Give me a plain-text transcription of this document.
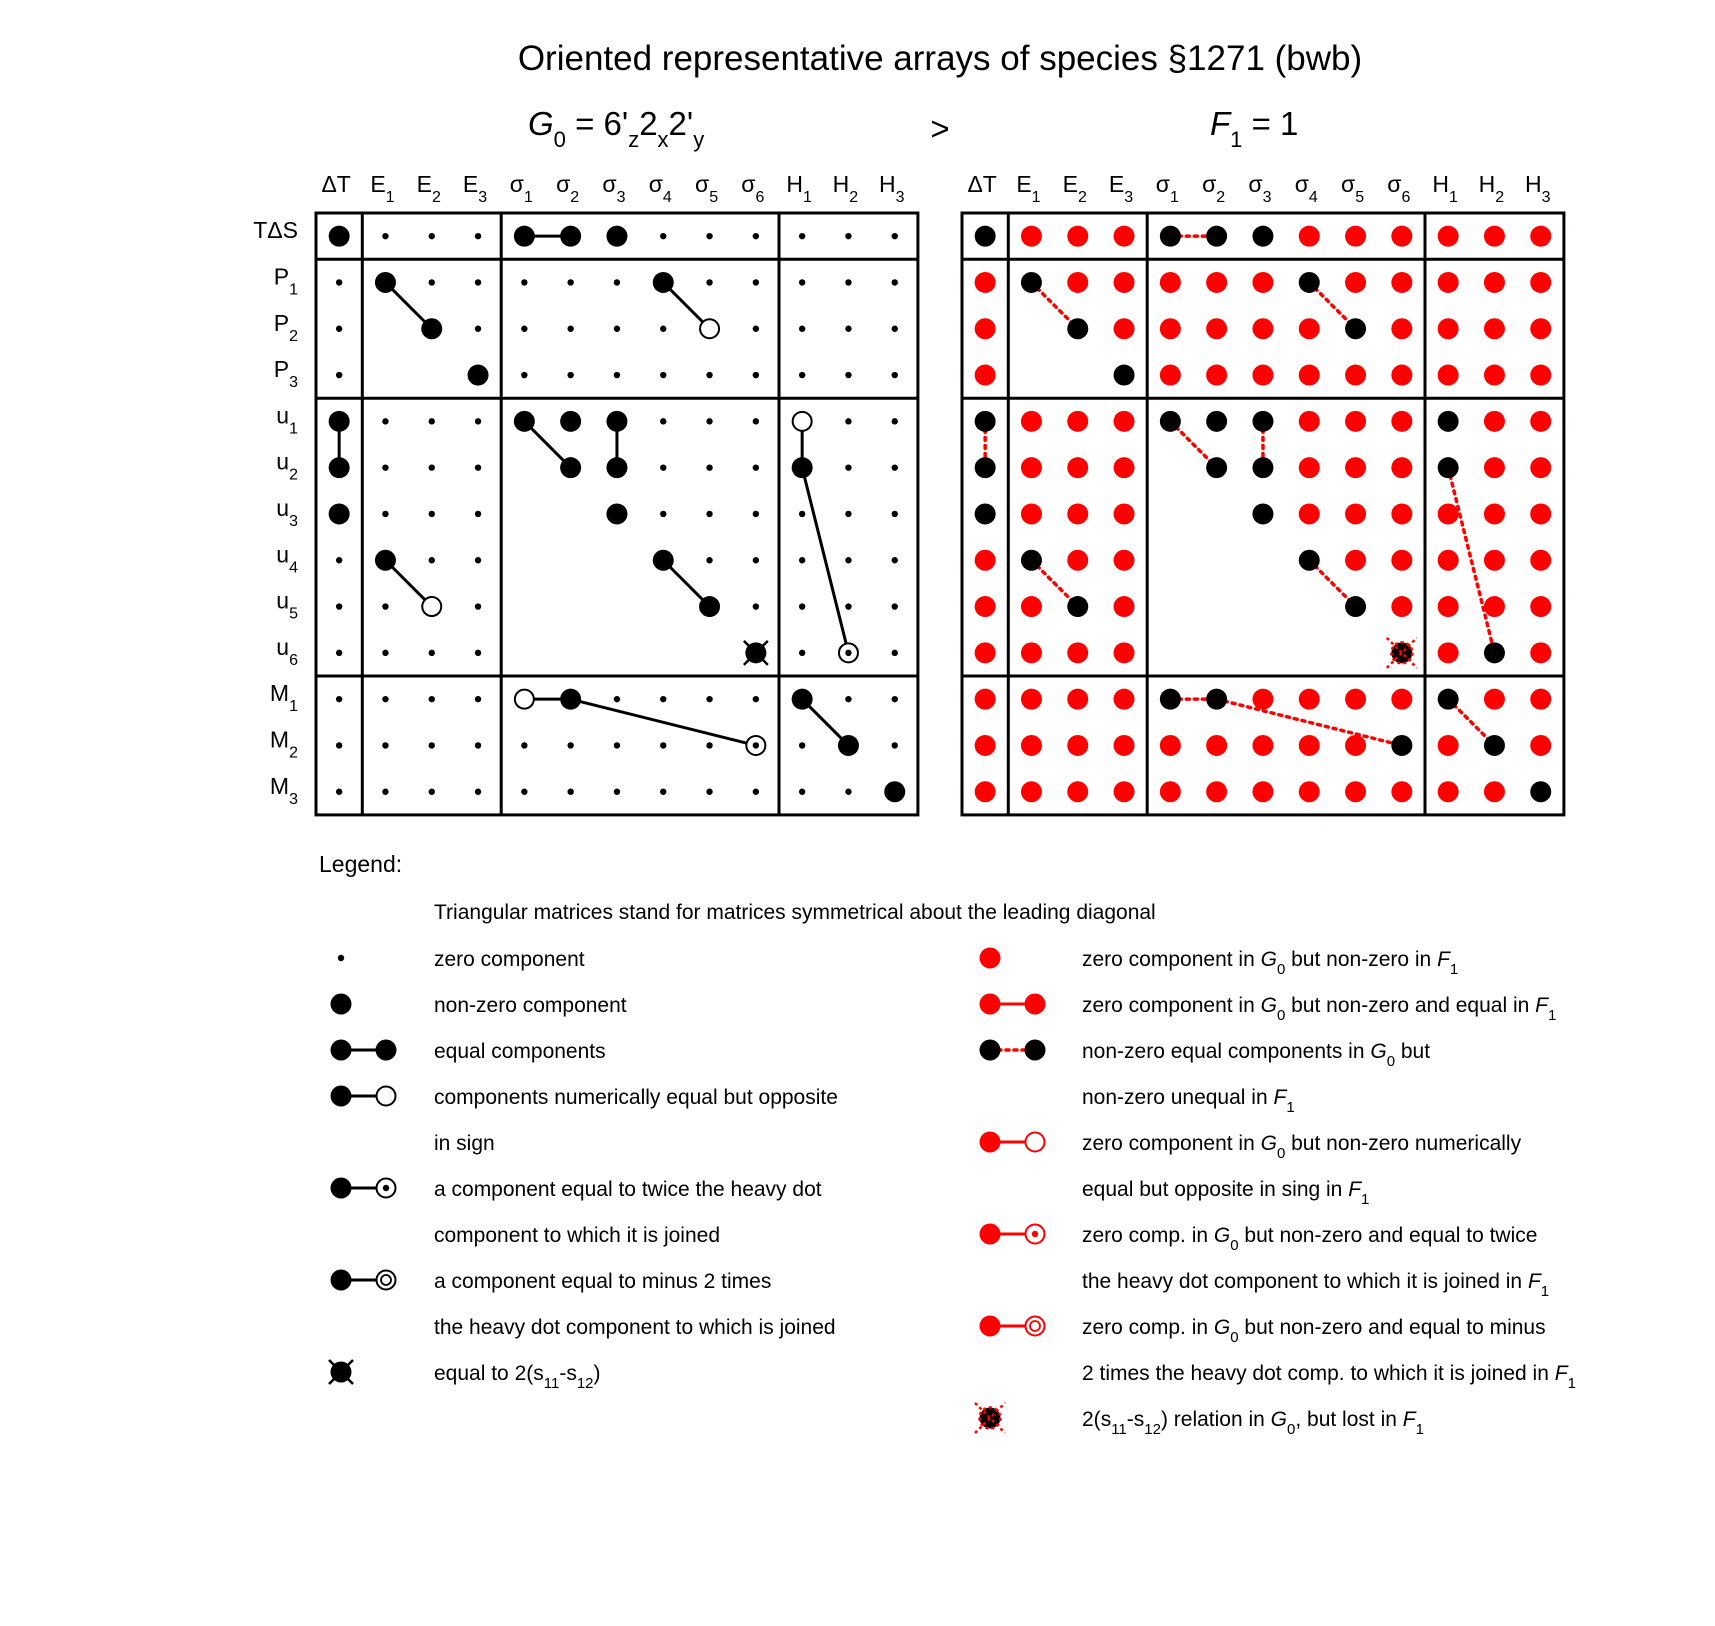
Oriented representative arrays of species §1271 (bwb)
$G_0 = 6'_z2_x2'_y$	$F_1 = 1$
>
ΔT $E_1$
$E_2$
$E_3$
$\sigma_1$
$\sigma_2$
$\sigma_3$
$\sigma_4$
$\sigma_5$
$\sigma_6$
$H_1$
$H_2$
$H_3$
ΔT $E_1$
$E_2$
$E_3$
$\sigma_1$
$\sigma_2$
$\sigma_3$
$\sigma_4$
$\sigma_5$
$\sigma_6$
$H_1$
$H_2$
$H_3$
TΔS
$P_1$
$P_2$
$P_3$
$u_1$
$u_2$
$u_3$
$u_4$
$u_5$
$u_6$
$M_1$
$M_2$
$M_3$
Legend:
Triangular matrices stand for matrices symmetrical about the leading diagonal
zero component
non-zero component
equal components
components numerically equal but opposite
in sign
a component equal to twice the heavy dot
component to which it is joined
a component equal to minus 2 times
the heavy dot component to which is joined
equal to $2(s_{11}-s_{12})$
zero component in $G_0$ but non-zero in $F_1$
zero component in $G_0$ but non-zero and equal in $F_1$
non-zero equal components in $G_0$ but
non-zero unequal in $F_1$
zero component in $G_0$ but non-zero numerically
equal but opposite in sing in $F_1$
zero comp. in $G_0$ but non-zero and equal to twice
the heavy dot component to which it is joined in $F_1$
zero comp. in $G_0$ but non-zero and equal to minus
2 times the heavy dot comp. to which it is joined in $F_1$
$2(s_{11}-s_{12})$ relation in $G_0$, but lost in $F_1$
